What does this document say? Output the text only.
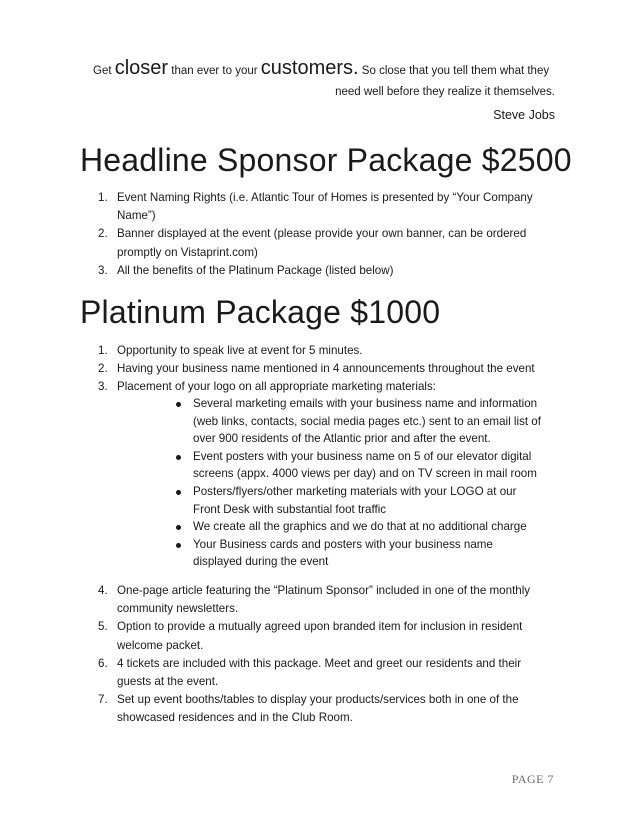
Get closer than ever to your customers. So close that you tell them what they
need well before they realize it themselves.
Steve Jobs
Headline Sponsor Package $2500
1. Event Naming Rights (i.e. Atlantic Tour of Homes is presented by “Your Company Name”)
2. Banner displayed at the event (please provide your own banner, can be ordered promptly on Vistaprint.com)
3. All the benefits of the Platinum Package (listed below)
Platinum Package $1000
1. Opportunity to speak live at event for 5 minutes.
2. Having your business name mentioned in 4 announcements throughout the event
3. Placement of your logo on all appropriate marketing materials:
Several marketing emails with your business name and information (web links, contacts, social media pages etc.) sent to an email list of over 900 residents of the Atlantic prior and after the event.
Event posters with your business name on 5 of our elevator digital screens (appx. 4000 views per day) and on TV screen in mail room
Posters/flyers/other marketing materials with your LOGO at our Front Desk with substantial foot traffic
We create all the graphics and we do that at no additional charge
Your Business cards and posters with your business name displayed during the event
4. One-page article featuring the “Platinum Sponsor” included in one of the monthly community newsletters.
5. Option to provide a mutually agreed upon branded item for inclusion in resident welcome packet.
6. 4 tickets are included with this package. Meet and greet our residents and their guests at the event.
7. Set up event booths/tables to display your products/services both in one of the showcased residences and in the Club Room.
PAGE 7
